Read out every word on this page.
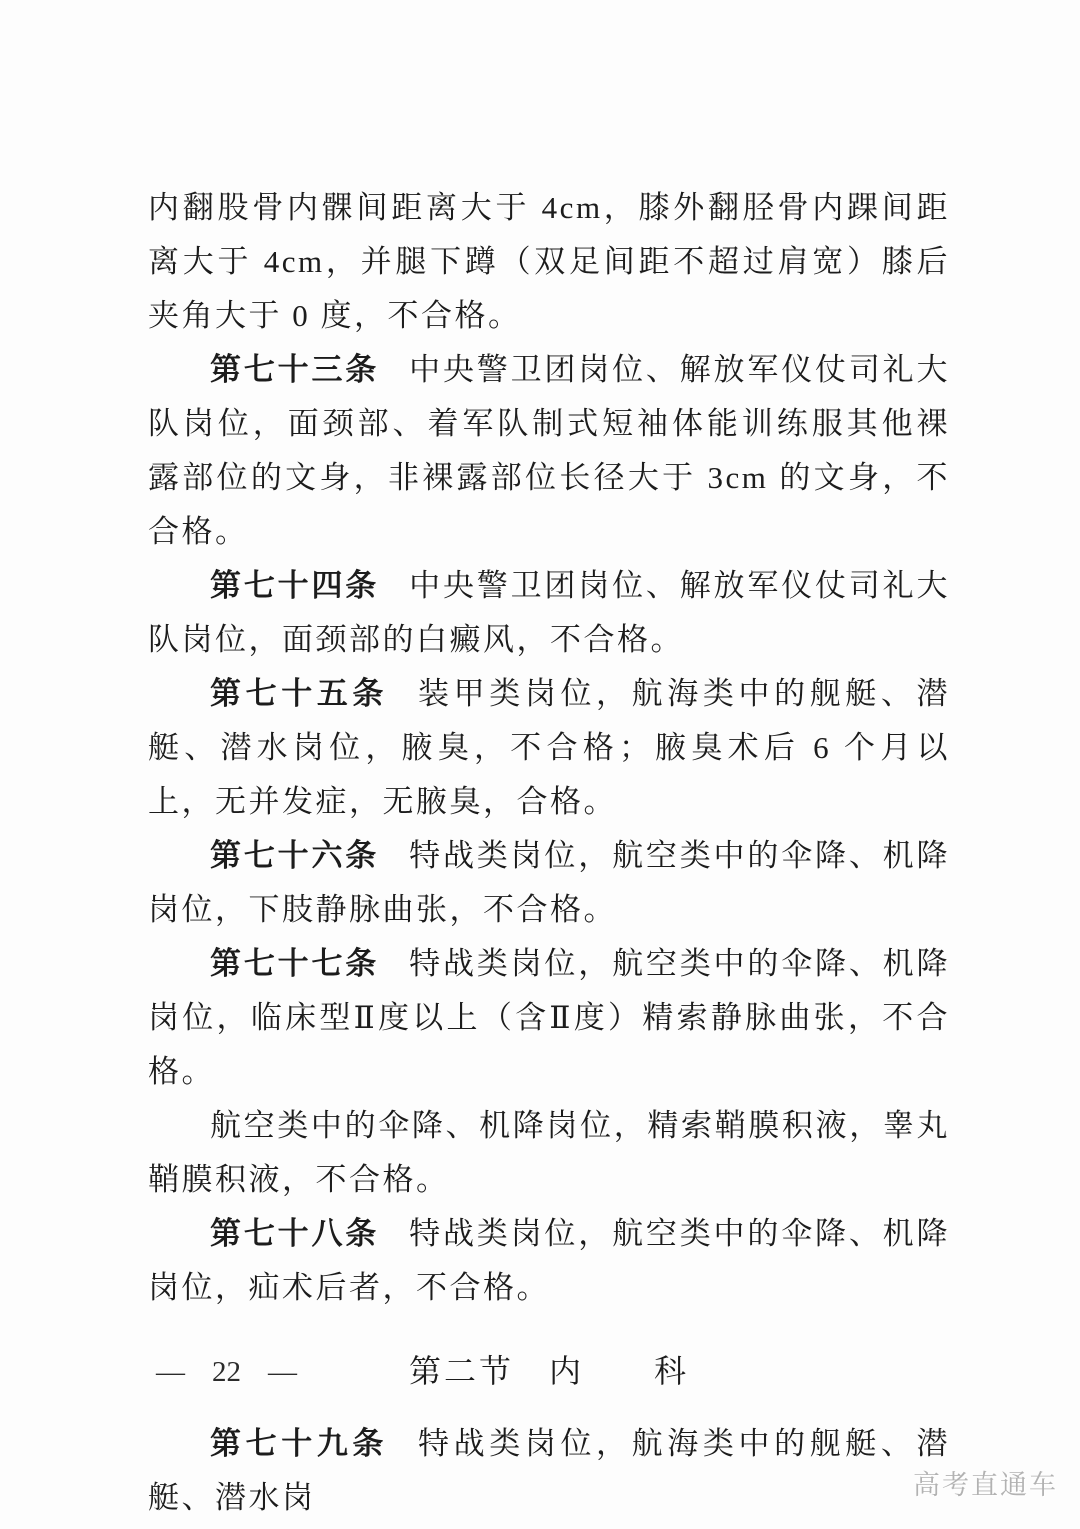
内翻股骨内髁间距离大于 4cm，膝外翻胫骨内踝间距离大于 4cm，并腿下蹲（双足间距不超过肩宽）膝后夹角大于 0 度，不合格。

第七十三条 中央警卫团岗位、解放军仪仗司礼大队岗位，面颈部、着军队制式短袖体能训练服其他裸露部位的文身，非裸露部位长径大于 3cm 的文身，不合格。

第七十四条 中央警卫团岗位、解放军仪仗司礼大队岗位，面颈部的白癜风，不合格。

第七十五条 装甲类岗位，航海类中的舰艇、潜艇、潜水岗位，腋臭，不合格；腋臭术后 6 个月以上，无并发症，无腋臭，合格。

第七十六条 特战类岗位，航空类中的伞降、机降岗位，下肢静脉曲张，不合格。

第七十七条 特战类岗位，航空类中的伞降、机降岗位，临床型Ⅱ度以上（含Ⅱ度）精索静脉曲张，不合格。

航空类中的伞降、机降岗位，精索鞘膜积液，睾丸鞘膜积液，不合格。

第七十八条 特战类岗位，航空类中的伞降、机降岗位，疝术后者，不合格。

第二节　内　　科

第七十九条 特战类岗位，航海类中的舰艇、潜艇、潜水岗

— 22 —
高考直通车
